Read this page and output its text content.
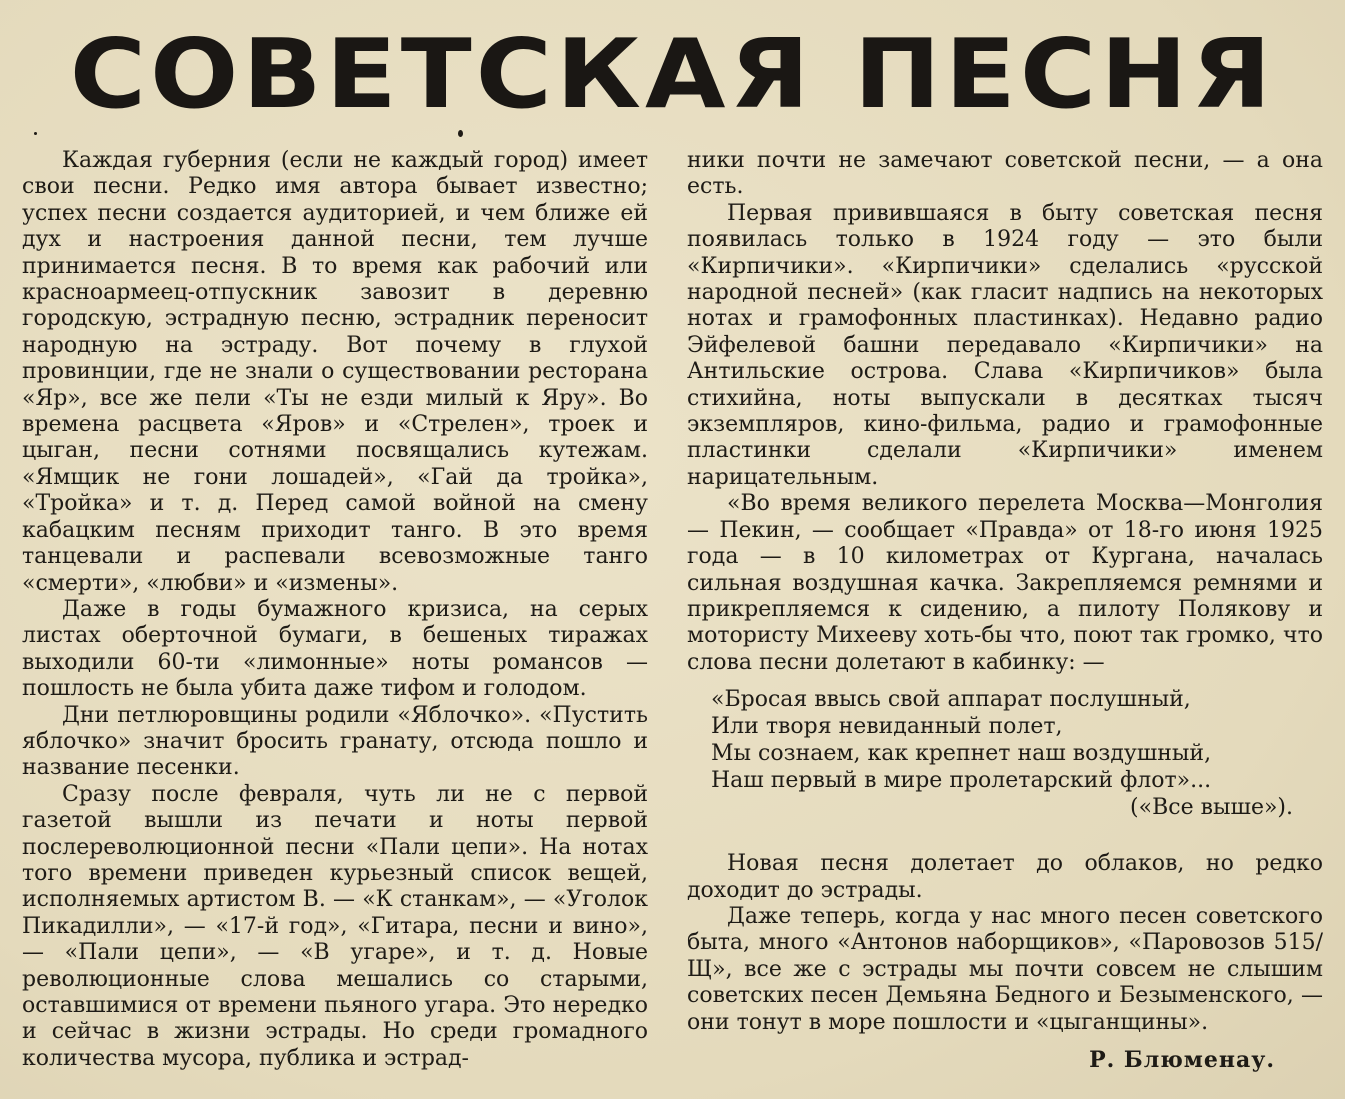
СОВЕТСКАЯ ПЕСНЯ

Каждая губерния (если не каждый город) имеет свои песни. Редко имя автора бывает известно; успех песни создается аудиторией, и чем ближе ей дух и настроения данной песни, тем лучше принимается песня. В то время как рабочий или красноармеец-отпускник завозит в деревню городскую, эстрадную песню, эстрадник переносит народную на эстраду. Вот почему в глухой провинции, где не знали о существовании ресторана «Яр», все же пели «Ты не езди милый к Яру». Во времена расцвета «Яров» и «Стрелен», троек и цыган, песни сотнями посвящались кутежам. «Ямщик не гони лошадей», «Гай да тройка», «Тройка» и т. д. Перед самой войной на смену кабацким песням приходит танго. В это время танцевали и распевали всевозможные танго «смерти», «любви» и «измены».

Даже в годы бумажного кризиса, на серых листах оберточной бумаги, в бешеных тиражах выходили 60-ти «лимонные» ноты романсов — пошлость не была убита даже тифом и голодом.

Дни петлюровщины родили «Яблочко». «Пустить яблочко» значит бросить гранату, отсюда пошло и название песенки.

Сразу после февраля, чуть ли не с первой газетой вышли из печати и ноты первой послереволюционной песни «Пали цепи». На нотах того времени приведен курьезный список вещей, исполняемых артистом В. — «К станкам», — «Уголок Пикадилли», — «17-й год», «Гитара, песни и вино», — «Пали цепи», — «В угаре», и т. д. Новые революционные слова мешались со старыми, оставшимися от времени пьяного угара. Это нередко и сейчас в жизни эстрады. Но среди громадного количества мусора, публика и эстрад-

ники почти не замечают советской песни, — а она есть.

Первая привившаяся в быту советская песня появилась только в 1924 году — это были «Кирпичики». «Кирпичики» сделались «русской народной песней» (как гласит надпись на некоторых нотах и грамофонных пластинках). Недавно радио Эйфелевой башни передавало «Кирпичики» на Антильские острова. Слава «Кирпичиков» была стихийна, ноты выпускали в десятках тысяч экземпляров, кино-фильма, радио и грамофонные пластинки сделали «Кирпичики» именем нарицательным.

«Во время великого перелета Москва—Монголия — Пекин, — сообщает «Правда» от 18-го июня 1925 года — в 10 километрах от Кургана, началась сильная воздушная качка. Закрепляемся ремнями и прикрепляемся к сидению, а пилоту Полякову и мотористу Михееву хоть-бы что, поют так громко, что слова песни долетают в кабинку: —

«Бросая ввысь свой аппарат послушный,
Или творя невиданный полет,
Мы сознаем, как крепнет наш воздушный,
Наш первый в мире пролетарский флот»...
(«Все выше»).

Новая песня долетает до облаков, но редко доходит до эстрады.

Даже теперь, когда у нас много песен советского быта, много «Антонов наборщиков», «Паровозов 515/Щ», все же с эстрады мы почти совсем не слышим советских песен Демьяна Бедного и Безыменского, — они тонут в море пошлости и «цыганщины».

Р. Блюменау.
